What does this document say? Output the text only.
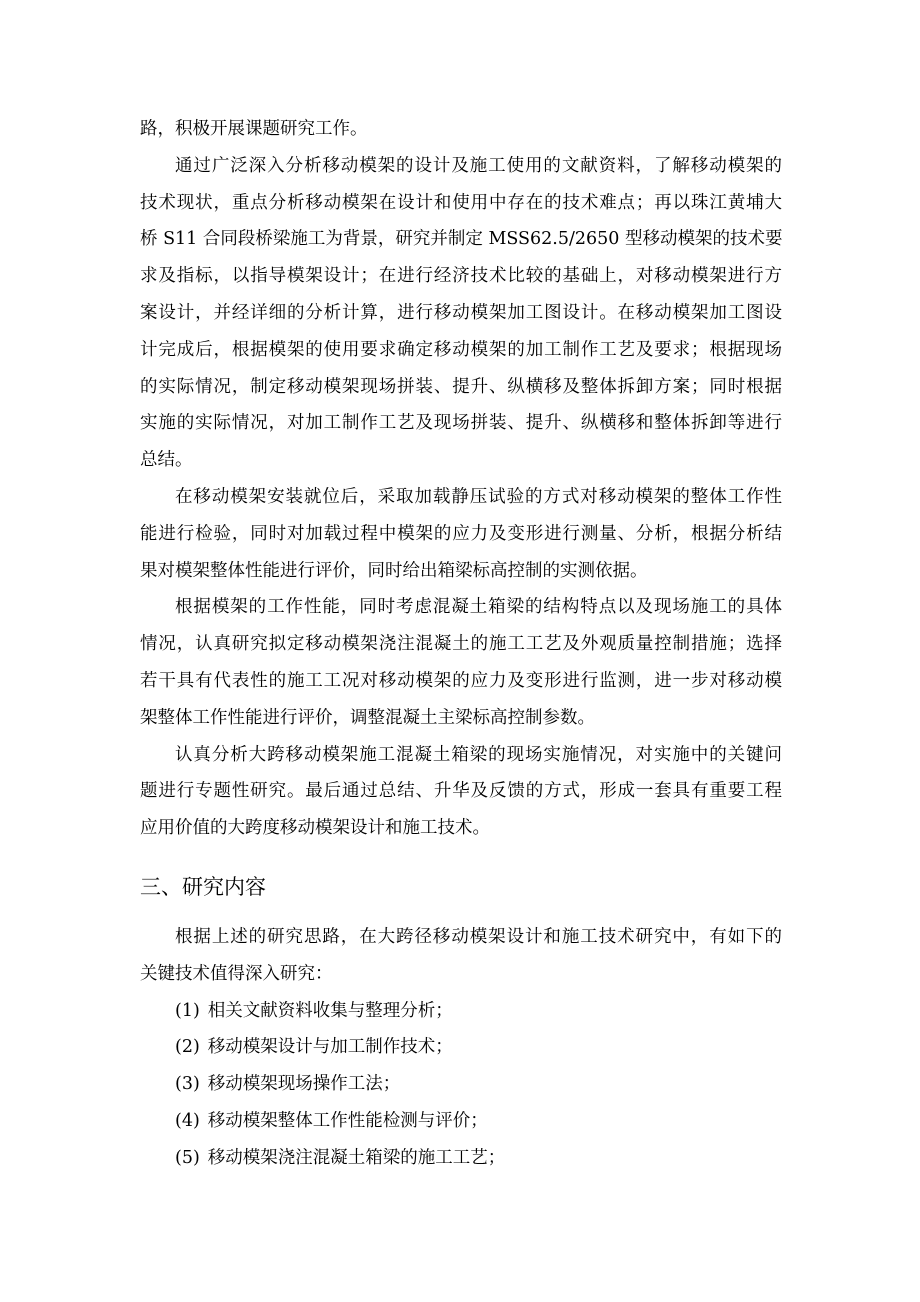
路，积极开展课题研究工作。
通过广泛深入分析移动模架的设计及施工使用的文献资料，了解移动模架的
技术现状，重点分析移动模架在设计和使用中存在的技术难点；再以珠江黄埔大
桥 S11 合同段桥梁施工为背景，研究并制定 MSS62.5/2650 型移动模架的技术要
求及指标，以指导模架设计；在进行经济技术比较的基础上，对移动模架进行方
案设计，并经详细的分析计算，进行移动模架加工图设计。在移动模架加工图设
计完成后，根据模架的使用要求确定移动模架的加工制作工艺及要求；根据现场
的实际情况，制定移动模架现场拼装、提升、纵横移及整体拆卸方案；同时根据
实施的实际情况，对加工制作工艺及现场拼装、提升、纵横移和整体拆卸等进行
总结。
在移动模架安装就位后，采取加载静压试验的方式对移动模架的整体工作性
能进行检验，同时对加载过程中模架的应力及变形进行测量、分析，根据分析结
果对模架整体性能进行评价，同时给出箱梁标高控制的实测依据。
根据模架的工作性能，同时考虑混凝土箱梁的结构特点以及现场施工的具体
情况，认真研究拟定移动模架浇注混凝土的施工工艺及外观质量控制措施；选择
若干具有代表性的施工工况对移动模架的应力及变形进行监测，进一步对移动模
架整体工作性能进行评价，调整混凝土主梁标高控制参数。
认真分析大跨移动模架施工混凝土箱梁的现场实施情况，对实施中的关键问
题进行专题性研究。最后通过总结、升华及反馈的方式，形成一套具有重要工程
应用价值的大跨度移动模架设计和施工技术。
三、研究内容
根据上述的研究思路，在大跨径移动模架设计和施工技术研究中，有如下的
关键技术值得深入研究：
(1) 相关文献资料收集与整理分析；
(2) 移动模架设计与加工制作技术；
(3) 移动模架现场操作工法；
(4) 移动模架整体工作性能检测与评价；
(5) 移动模架浇注混凝土箱梁的施工工艺；
